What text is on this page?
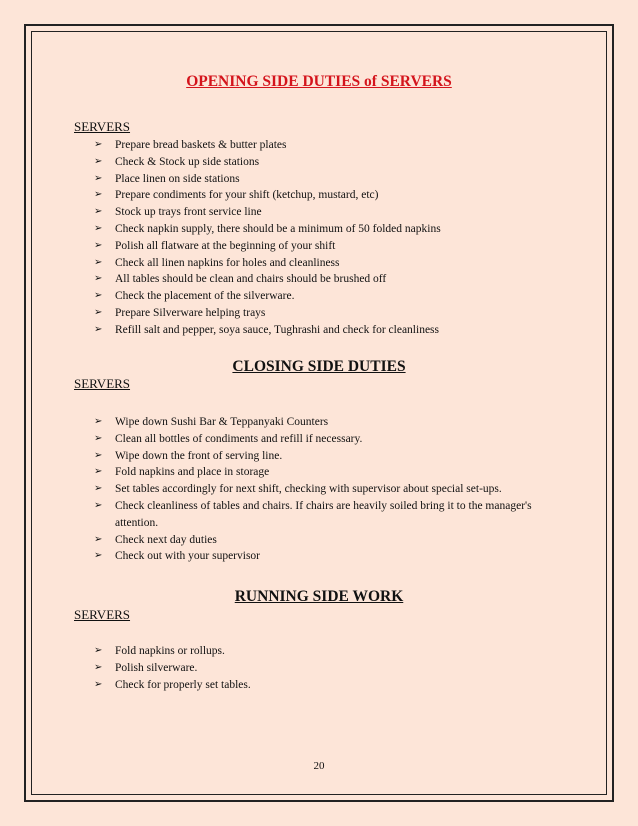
OPENING SIDE DUTIES of SERVERS
SERVERS
➢ Prepare bread baskets & butter plates
➢ Check & Stock up side stations
➢ Place linen on side stations
➢ Prepare condiments for your shift (ketchup, mustard, etc)
➢ Stock up trays front service line
➢ Check napkin supply, there should be a minimum of 50 folded napkins
➢ Polish all flatware at the beginning of your shift
➢ Check all linen napkins for holes and cleanliness
➢ All tables should be clean and chairs should be brushed off
➢ Check the placement of the silverware.
➢ Prepare Silverware helping trays
➢ Refill salt and pepper, soya sauce, Tughrashi and check for cleanliness
CLOSING SIDE DUTIES
SERVERS
➢ Wipe down Sushi Bar & Teppanyaki Counters
➢ Clean all bottles of condiments and refill if necessary.
➢ Wipe down the front of serving line.
➢ Fold napkins and place in storage
➢ Set tables accordingly for next shift, checking with supervisor about special set-ups.
➢ Check cleanliness of tables and chairs. If chairs are heavily soiled bring it to the manager's attention.
➢ Check next day duties
➢ Check out with your supervisor
RUNNING SIDE WORK
SERVERS
➢ Fold napkins or rollups.
➢ Polish silverware.
➢ Check for properly set tables.
20
